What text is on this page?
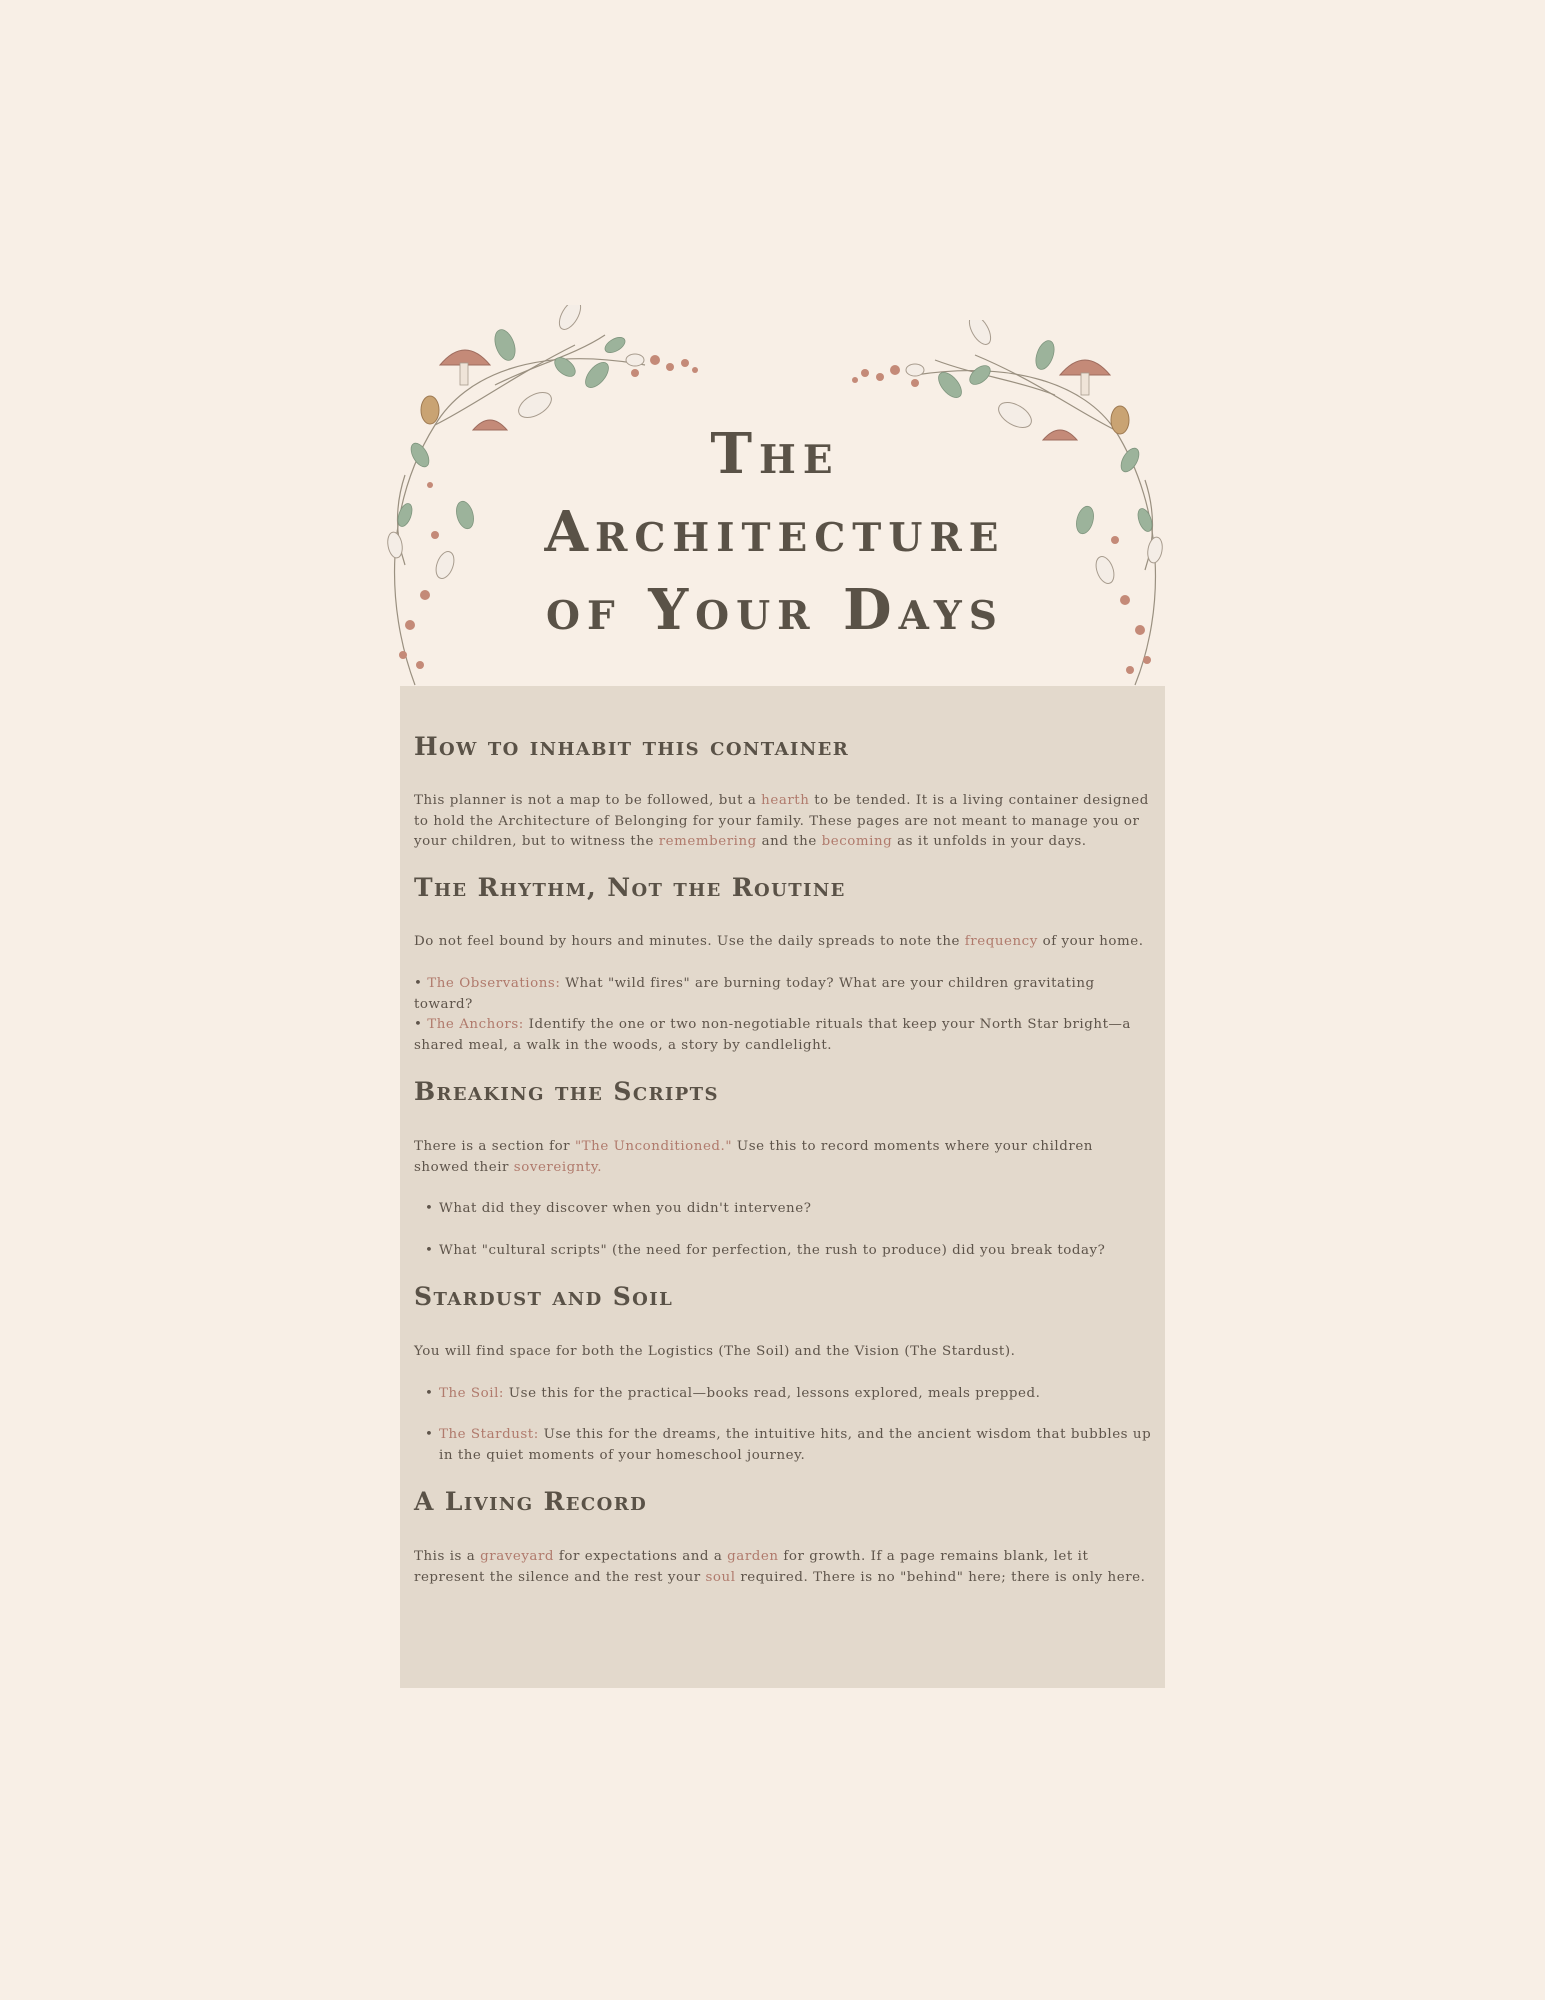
The
Architecture
of Your Days
How to inhabit this container

This planner is not a map to be followed, but a hearth to be tended. It is a living container designed to hold the Architecture of Belonging for your family. These pages are not meant to manage you or your children, but to witness the remembering and the becoming as it unfolds in your days.

The Rhythm, Not the Routine

Do not feel bound by hours and minutes. Use the daily spreads to note the frequency of your home.

• The Observations: What "wild fires" are burning today? What are your children gravitating toward?

• The Anchors: Identify the one or two non-negotiable rituals that keep your North Star bright—a shared meal, a walk in the woods, a story by candlelight.

Breaking the Scripts

There is a section for "The Unconditioned." Use this to record moments where your children showed their sovereignty.

• What did they discover when you didn't intervene?
• What "cultural scripts" (the need for perfection, the rush to produce) did you break today?
Stardust and Soil

You will find space for both the Logistics (The Soil) and the Vision (The Stardust).

• The Soil: Use this for the practical—books read, lessons explored, meals prepped.
• The Stardust: Use this for the dreams, the intuitive hits, and the ancient wisdom that bubbles up in the quiet moments of your homeschool journey.
A Living Record

This is a graveyard for expectations and a garden for growth. If a page remains blank, let it represent the silence and the rest your soul required. There is no "behind" here; there is only here.
